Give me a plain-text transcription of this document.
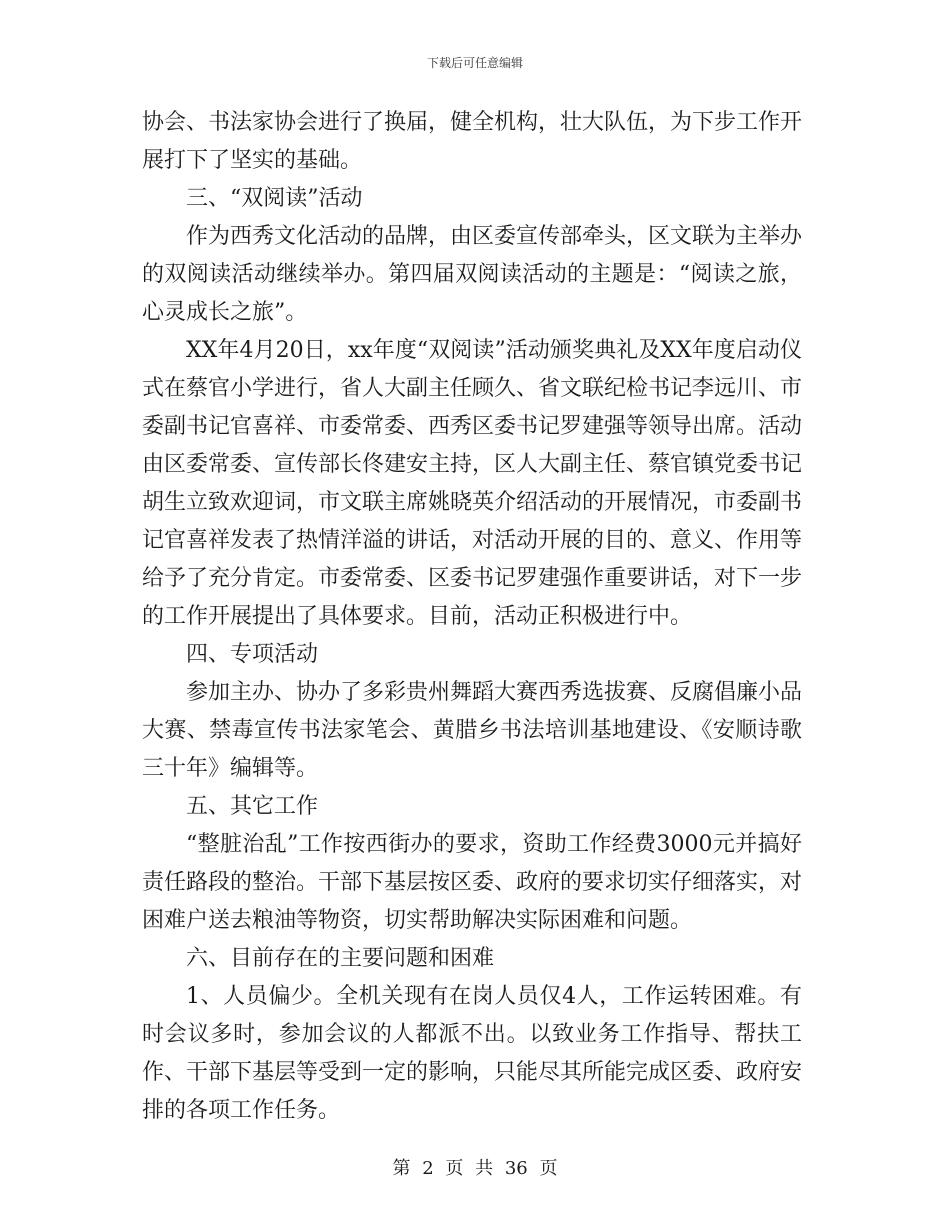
下载后可任意编辑

协会、书法家协会进行了换届，健全机构，壮大队伍，为下步工作开展打下了坚实的基础。

三、“双阅读”活动

作为西秀文化活动的品牌，由区委宣传部牵头，区文联为主举办的双阅读活动继续举办。第四届双阅读活动的主题是：“阅读之旅，心灵成长之旅”。

XX年4月20日，xx年度“双阅读”活动颁奖典礼及XX年度启动仪式在蔡官小学进行，省人大副主任顾久、省文联纪检书记李远川、市委副书记官喜祥、市委常委、西秀区委书记罗建强等领导出席。活动由区委常委、宣传部长佟建安主持，区人大副主任、蔡官镇党委书记胡生立致欢迎词，市文联主席姚晓英介绍活动的开展情况，市委副书记官喜祥发表了热情洋溢的讲话，对活动开展的目的、意义、作用等给予了充分肯定。市委常委、区委书记罗建强作重要讲话，对下一步的工作开展提出了具体要求。目前，活动正积极进行中。

四、专项活动

参加主办、协办了多彩贵州舞蹈大赛西秀选拔赛、反腐倡廉小品大赛、禁毒宣传书法家笔会、黄腊乡书法培训基地建设、《安顺诗歌三十年》编辑等。

五、其它工作

“整脏治乱”工作按西街办的要求，资助工作经费3000元并搞好责任路段的整治。干部下基层按区委、政府的要求切实仔细落实，对困难户送去粮油等物资，切实帮助解决实际困难和问题。

六、目前存在的主要问题和困难

1、人员偏少。全机关现有在岗人员仅4人，工作运转困难。有时会议多时，参加会议的人都派不出。以致业务工作指导、帮扶工作、干部下基层等受到一定的影响，只能尽其所能完成区委、政府安排的各项工作任务。

第 2 页 共 36 页
